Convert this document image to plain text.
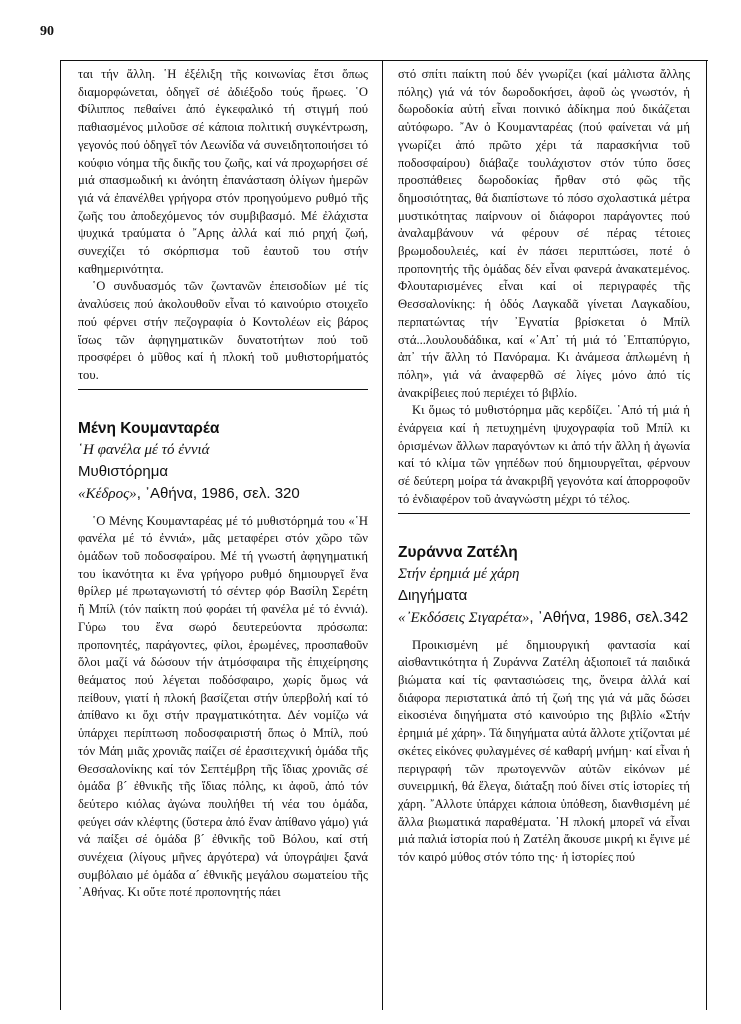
90

ται τήν ἄλλη. ῾Η ἐξέλιξη τῆς κοινωνίας ἔτσι ὅπως διαμορφώνεται, ὁδηγεῖ σέ ἀδιέξοδο τούς ἥρωες. ῾Ο Φίλιππος πεθαίνει ἀπό ἐγκεφαλικό τή στιγμή πού παθιασμένος μιλοῦσε σέ κάποια πολιτική συγκέντρωση, γεγονός πού ὁδηγεῖ τόν Λεωνίδα νά συνειδητοποιήσει τό κούφιο νόημα τῆς δικῆς του ζωῆς, καί νά προχωρήσει σέ μιά σπασμωδική κι ἀνόητη ἐπανάσταση ὀλίγων ἡμερῶν γιά νά ἐπανέλθει γρήγορα στόν προηγούμενο ρυθμό τῆς ζωῆς του ἀποδεχόμενος τόν συμβιβασμό. Μέ ἐλάχιστα ψυχικά τραύματα ὁ ῎Αρης ἀλλά καί πιό ρηχή ζωή, συνεχίζει τό σκόρπισμα τοῦ ἑαυτοῦ του στήν καθημερινότητα.

῾Ο συνδυασμός τῶν ζωντανῶν ἐπεισοδίων μέ τίς ἀναλύσεις πού ἀκολουθοῦν εἶναι τό καινούριο στοιχεῖο πού φέρνει στήν πεζογραφία ὁ Κοντολέων εἰς βάρος ἴσως τῶν ἀφηγηματικῶν δυνατοτήτων πού τοῦ προσφέρει ὁ μῦθος καί ἡ πλοκή τοῦ μυθιστορήματός του.

Μένη Κουμανταρέα
῾Η φανέλα μέ τό ἐννιά
Μυθιστόρημα
«Κέδρος», ᾽Αθήνα, 1986, σελ. 320

῾Ο Μένης Κουμανταρέας μέ τό μυθιστόρημά του «῾Η φανέλα μέ τό ἐννιά», μᾶς μεταφέρει στόν χῶρο τῶν ὁμάδων τοῦ ποδοσφαίρου. Μέ τή γνωστή ἀφηγηματική του ἱκανότητα κι ἕνα γρήγορο ρυθμό δημιουργεῖ ἕνα θρίλερ μέ πρωταγωνιστή τό σέντερ φόρ Βασίλη Σερέτη ἤ Μπίλ (τόν παίκτη πού φοράει τή φανέλα μέ τό ἐννιά). Γύρω του ἕνα σωρό δευτερεύοντα πρόσωπα: προπονητές, παράγοντες, φίλοι, ἐρωμένες, προσπαθοῦν ὅλοι μαζί νά δώσουν τήν ἀτμόσφαιρα τῆς ἐπιχείρησης θεάματος πού λέγεται ποδόσφαιρο, χωρίς ὅμως νά πείθουν, γιατί ἡ πλοκή βασίζεται στήν ὑπερβολή καί τό ἀπίθανο κι ὄχι στήν πραγματικότητα. Δέν νομίζω νά ὑπάρχει περίπτωση ποδοσφαιριστή ὅπως ὁ Μπίλ, πού τόν Μάη μιᾶς χρονιᾶς παίζει σέ ἐρασιτεχνική ὁμάδα τῆς Θεσσαλονίκης καί τόν Σεπτέμβρη τῆς ἴδιας χρονιᾶς σέ ὁμάδα β´ ἐθνικῆς τῆς ἴδιας πόλης, κι ἀφοῦ, ἀπό τόν δεύτερο κιόλας ἀγώνα πουλήθει τή νέα του ὁμάδα, φεύγει σάν κλέφτης (ὕστερα ἀπό ἕναν ἀπίθανο γάμο) γιά νά παίξει σέ ὁμάδα β´ ἐθνικῆς τοῦ Βόλου, καί στή συνέχεια (λίγους μῆνες ἀργότερα) νά ὑπογράψει ξανά συμβόλαιο μέ ὁμάδα α´ ἐθνικῆς μεγάλου σωματείου τῆς ᾽Αθήνας. Κι οὔτε ποτέ προπονητής πάει

στό σπίτι παίκτη πού δέν γνωρίζει (καί μάλιστα ἄλλης πόλης) γιά νά τόν δωροδοκήσει, ἀφοῦ ὡς γνωστόν, ἡ δωροδοκία αὐτή εἶναι ποινικό ἀδίκημα πού δικάζεται αὐτόφωρο. ῎Αν ὁ Κουμανταρέας (πού φαίνεται νά μή γνωρίζει ἀπό πρῶτο χέρι τά παρασκήνια τοῦ ποδοσφαίρου) διάβαζε τουλάχιστον στόν τύπο ὅσες προσπάθειες δωροδοκίας ἤρθαν στό φῶς τῆς δημοσιότητας, θά διαπίστωνε τό πόσο σχολαστικά μέτρα μυστικότητας παίρνουν οἱ διάφοροι παράγοντες πού ἀναλαμβάνουν νά φέρουν σέ πέρας τέτοιες βρωμοδουλειές, καί ἐν πάσει περιπτώσει, ποτέ ὁ προπονητής τῆς ὁμάδας δέν εἶναι φανερά ἀνακατεμένος. Φλουταρισμένες εἶναι καί οἱ περιγραφές τῆς Θεσσαλονίκης: ἡ ὁδός Λαγκαδᾶ γίνεται Λαγκαδίου, περπατώντας τήν ᾽Εγνατία βρίσκεται ὁ Μπίλ στά...λουλουδάδικα, καί «᾽Απ᾽ τή μιά τό ῾Επταπύργιο, ἀπ᾽ τήν ἄλλη τό Πανόραμα. Κι ἀνάμεσα ἁπλωμένη ἡ πόλη», γιά νά ἀναφερθῶ σέ λίγες μόνο ἀπό τίς ἀνακρίβειες πού περιέχει τό βιβλίο.

Κι ὅμως τό μυθιστόρημα μᾶς κερδίζει. ᾽Από τή μιά ἡ ἐνάργεια καί ἡ πετυχημένη ψυχογραφία τοῦ Μπίλ κι ὁρισμένων ἄλλων παραγόντων κι ἀπό τήν ἄλλη ἡ ἀγωνία καί τό κλίμα τῶν γηπέδων πού δημιουργεῖται, φέρνουν σέ δεύτερη μοίρα τά ἀνακριβῆ γεγονότα καί ἀπορροφοῦν τό ἐνδιαφέρον τοῦ ἀναγνώστη μέχρι τό τέλος.

Ζυράννα Ζατέλη
Στήν ἐρημιά μέ χάρη
Διηγήματα
«᾽Εκδόσεις Σιγαρέτα», ᾽Αθήνα, 1986, σελ.342

Προικισμένη μέ δημιουργική φαντασία καί αἰσθαντικότητα ἡ Ζυράννα Ζατέλη ἀξιοποιεῖ τά παιδικά βιώματα καί τίς φαντασιώσεις της, ὄνειρα ἀλλά καί διάφορα περιστατικά ἀπό τή ζωή της γιά νά μᾶς δώσει εἰκοσιένα διηγήματα στό καινούριο της βιβλίο «Στήν ἐρημιά μέ χάρη». Τά διηγήματα αὐτά ἄλλοτε χτίζονται μέ σκέτες εἰκόνες φυλαγμένες σέ καθαρή μνήμη· καί εἶναι ἡ περιγραφή τῶν πρωτογεννῶν αὐτῶν εἰκόνων μέ συνειρμική, θά ἔλεγα, διάταξη πού δίνει στίς ἱστορίες τή χάρη. ῎Αλλοτε ὑπάρχει κάποια ὑπόθεση, διανθισμένη μέ ἄλλα βιωματικά παραθέματα. ῾Η πλοκή μπορεῖ νά εἶναι μιά παλιά ἱστορία πού ἡ Ζατέλη ἄκουσε μικρή κι ἔγινε μέ τόν καιρό μύθος στόν τόπο της· ἡ ἱστορίες πού
